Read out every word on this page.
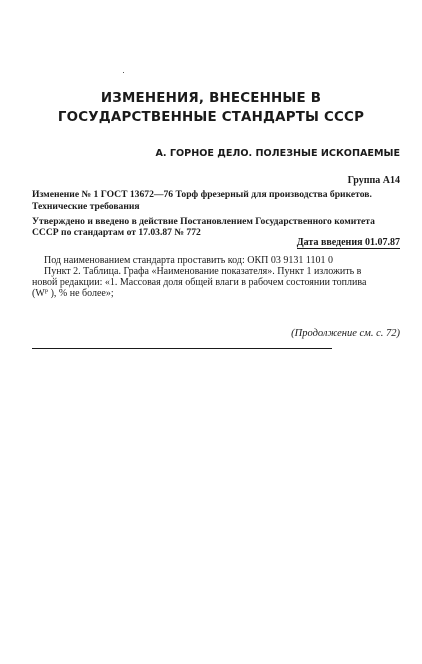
ИЗМЕНЕНИЯ, ВНЕСЕННЫЕ В
ГОСУДАРСТВЕННЫЕ СТАНДАРТЫ СССР
А. ГОРНОЕ ДЕЛО. ПОЛЕЗНЫЕ ИСКОПАЕМЫЕ
Группа А14
Изменение № 1 ГОСТ 13672—76 Торф фрезерный для производства брикетов.
Технические требования
Утверждено и введено в действие Постановлением Государственного комитета
СССР по стандартам от 17.03.87 № 772
Дата введения 01.07.87
Под наименованием стандарта проставить код: ОКП 03 9131 1101 0
Пункт 2. Таблица. Графа «Наименование показателя». Пункт 1 изложить в
новой редакции: «1. Массовая доля общей влаги в рабочем состоянии топлива
(Wᴾ ), % не более»;
(Продолжение см. с. 72)
